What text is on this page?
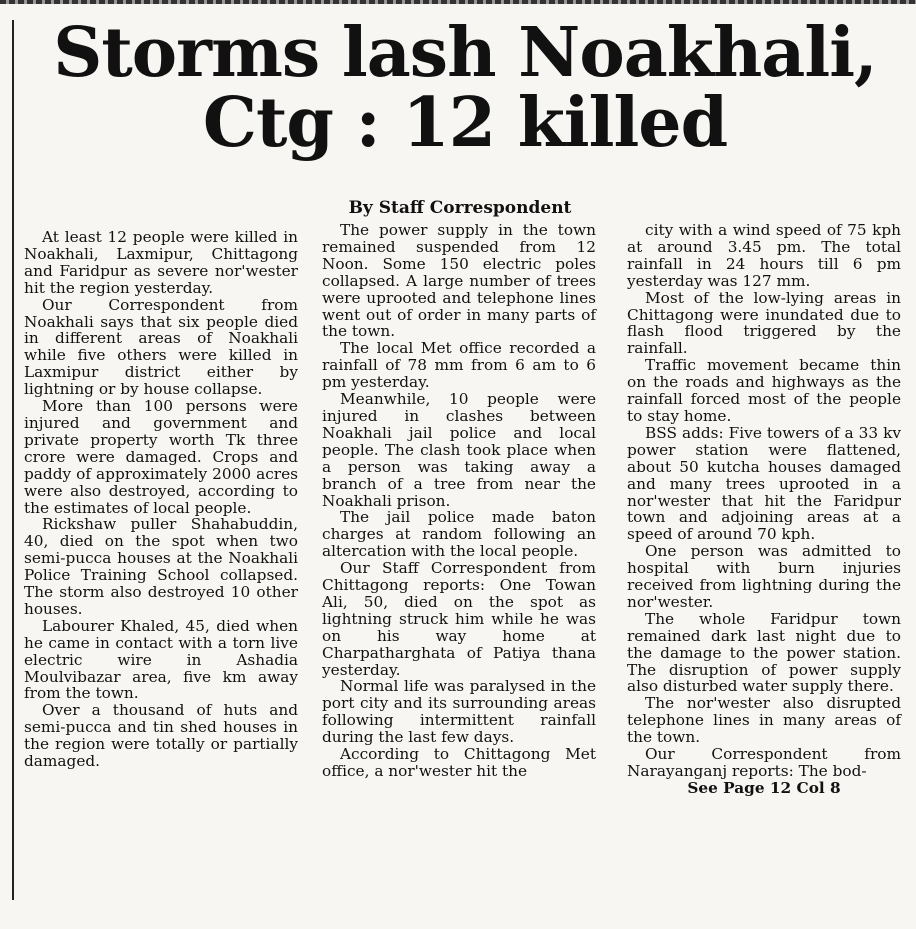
Storms lash Noakhali,
Ctg : 12 killed
By Staff Correspondent

At least 12 people were killed in Noakhali, Laxmipur, Chittagong and Faridpur as severe nor'wester hit the region yesterday.

Our Correspondent from Noakhali says that six people died in different areas of Noakhali while five others were killed in Laxmipur district either by lightning or by house collapse.

More than 100 persons were injured and government and private property worth Tk three crore were damaged. Crops and paddy of approximately 2000 acres were also destroyed, according to the estimates of local people.

Rickshaw puller Shahabuddin, 40, died on the spot when two semi-pucca houses at the Noakhali Police Training School collapsed. The storm also destroyed 10 other houses.

Labourer Khaled, 45, died when he came in contact with a torn live electric wire in Ashadia Moulvibazar area, five km away from the town.

Over a thousand of huts and semi-pucca and tin shed houses in the region were totally or partially damaged.

The power supply in the town remained suspended from 12 Noon. Some 150 electric poles collapsed. A large number of trees were uprooted and telephone lines went out of order in many parts of the town.

The local Met office recorded a rainfall of 78 mm from 6 am to 6 pm yesterday.

Meanwhile, 10 people were injured in clashes between Noakhali jail police and local people. The clash took place when a person was taking away a branch of a tree from near the Noakhali prison.

The jail police made baton charges at random following an altercation with the local people.

Our Staff Correspondent from Chittagong reports: One Towan Ali, 50, died on the spot as lightning struck him while he was on his way home at Charpatharghata of Patiya thana yesterday.

Normal life was paralysed in the port city and its surrounding areas following intermittent rainfall during the last few days.

According to Chittagong Met office, a nor'wester hit the

city with a wind speed of 75 kph at around 3.45 pm. The total rainfall in 24 hours till 6 pm yesterday was 127 mm.

Most of the low-lying areas in Chittagong were inundated due to flash flood triggered by the rainfall.

Traffic movement became thin on the roads and highways as the rainfall forced most of the people to stay home.

BSS adds: Five towers of a 33 kv power station were flattened, about 50 kutcha houses damaged and many trees uprooted in a nor'wester that hit the Faridpur town and adjoining areas at a speed of around 70 kph.

One person was admitted to hospital with burn injuries received from lightning during the nor'wester.

The whole Faridpur town remained dark last night due to the damage to the power station. The disruption of power supply also disturbed water supply there.

The nor'wester also disrupted telephone lines in many areas of the town.

Our Correspondent from Narayanganj reports: The bod-

See Page 12 Col 8
